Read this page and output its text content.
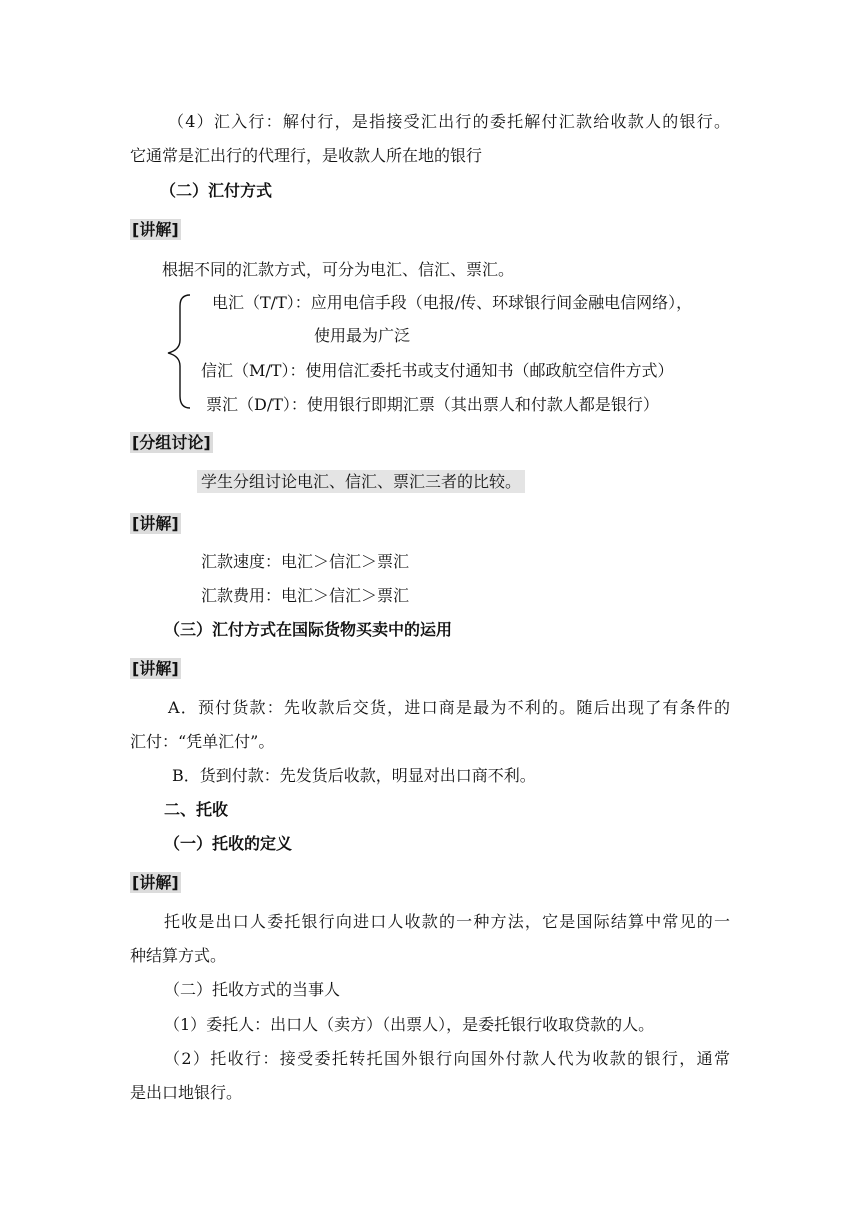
（4）汇入行：解付行，是指接受汇出行的委托解付汇款给收款人的银行。
它通常是汇出行的代理行，是收款人所在地的银行
（二）汇付方式
[讲解]
根据不同的汇款方式，可分为电汇、信汇、票汇。
电汇（T/T）：应用电信手段（电报/传、环球银行间金融电信网络），
使用最为广泛
信汇（M/T）：使用信汇委托书或支付通知书（邮政航空信件方式）
票汇（D/T）：使用银行即期汇票（其出票人和付款人都是银行）
[分组讨论]
学生分组讨论电汇、信汇、票汇三者的比较。
[讲解]
汇款速度：电汇＞信汇＞票汇
汇款费用：电汇＞信汇＞票汇
（三）汇付方式在国际货物买卖中的运用
[讲解]
A．预付货款：先收款后交货，进口商是最为不利的。随后出现了有条件的
汇付：“凭单汇付”。
B．货到付款：先发货后收款，明显对出口商不利。
二、托收
（一）托收的定义
[讲解]
托收是出口人委托银行向进口人收款的一种方法，它是国际结算中常见的一
种结算方式。
（二）托收方式的当事人
（1）委托人：出口人（卖方）（出票人），是委托银行收取贷款的人。
（2）托收行：接受委托转托国外银行向国外付款人代为收款的银行，通常
是出口地银行。
